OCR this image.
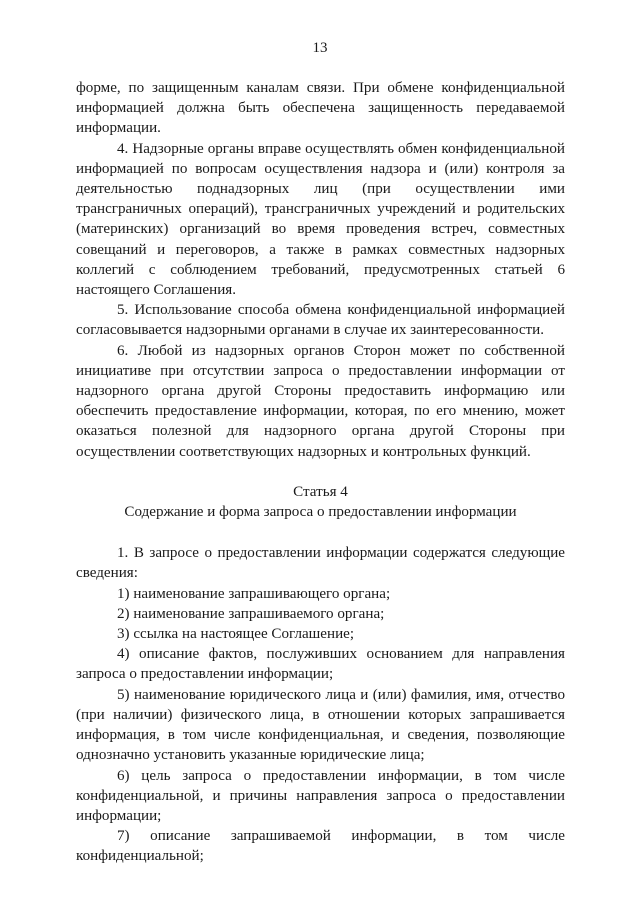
13

форме, по защищенным каналам связи. При обмене конфиденциальной информацией должна быть обеспечена защищенность передаваемой информации.

4. Надзорные органы вправе осуществлять обмен конфиденциальной информацией по вопросам осуществления надзора и (или) контроля за деятельностью поднадзорных лиц (при осуществлении ими трансграничных операций), трансграничных учреждений и родительских (материнских) организаций во время проведения встреч, совместных совещаний и переговоров, а также в рамках совместных надзорных коллегий с соблюдением требований, предусмотренных статьей 6 настоящего Соглашения.

5. Использование способа обмена конфиденциальной информацией согласовывается надзорными органами в случае их заинтересованности.

6. Любой из надзорных органов Сторон может по собственной инициативе при отсутствии запроса о предоставлении информации от надзорного органа другой Стороны предоставить информацию или обеспечить предоставление информации, которая, по его мнению, может оказаться полезной для надзорного органа другой Стороны при осуществлении соответствующих надзорных и контрольных функций.

Статья 4

Содержание и форма запроса о предоставлении информации

1. В запросе о предоставлении информации содержатся следующие сведения:

1) наименование запрашивающего органа;

2) наименование запрашиваемого органа;

3) ссылка на настоящее Соглашение;

4) описание фактов, послуживших основанием для направления запроса о предоставлении информации;

5) наименование юридического лица и (или) фамилия, имя, отчество (при наличии) физического лица, в отношении которых запрашивается информация, в том числе конфиденциальная, и сведения, позволяющие однозначно установить указанные юридические лица;

6) цель запроса о предоставлении информации, в том числе конфиденциальной, и причины направления запроса о предоставлении информации;

7) описание запрашиваемой информации, в том числе конфиденциальной;
